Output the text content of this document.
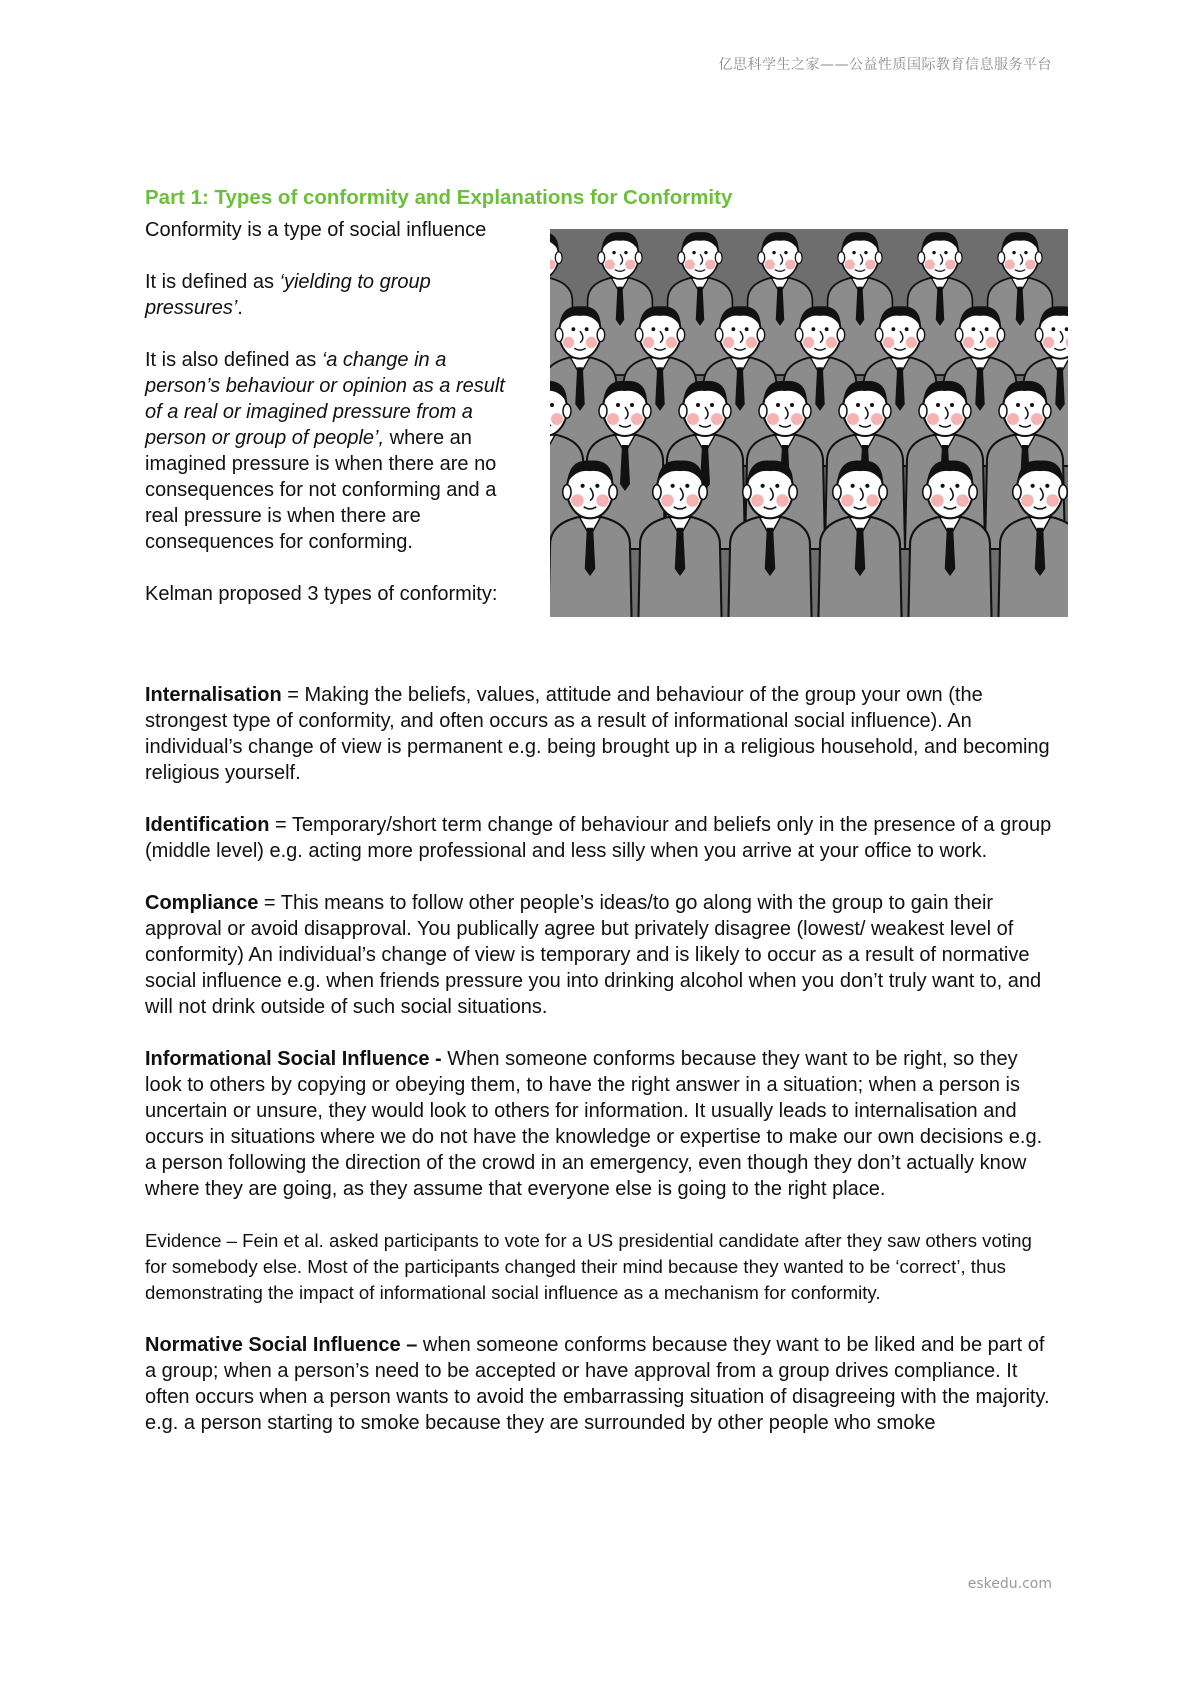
亿思科学生之家——公益性质国际教育信息服务平台
Part 1: Types of conformity and Explanations for Conformity

Conformity is a type of social influence

It is defined as ‘yielding to group pressures’.

It is also defined as ‘a change in a person’s behaviour or opinion as a result of a real or imagined pressure from a person or group of people’, where an imagined pressure is when there are no consequences for not conforming and a real pressure is when there are consequences for conforming.

Kelman proposed 3 types of conformity:

Internalisation = Making the beliefs, values, attitude and behaviour of the group your own (the strongest type of conformity, and often occurs as a result of informational social influence). An individual’s change of view is permanent e.g. being brought up in a religious household, and becoming religious yourself.

Identification = Temporary/short term change of behaviour and beliefs only in the presence of a group (middle level) e.g. acting more professional and less silly when you arrive at your office to work.

Compliance = This means to follow other people’s ideas/to go along with the group to gain their approval or avoid disapproval. You publically agree but privately disagree (lowest/ weakest level of conformity) An individual’s change of view is temporary and is likely to occur as a result of normative social influence e.g. when friends pressure you into drinking alcohol when you don’t truly want to, and will not drink outside of such social situations.

Informational Social Influence - When someone conforms because they want to be right, so they look to others by copying or obeying them, to have the right answer in a situation; when a person is uncertain or unsure, they would look to others for information. It usually leads to internalisation and occurs in situations where we do not have the knowledge or expertise to make our own decisions e.g. a person following the direction of the crowd in an emergency, even though they don’t actually know where they are going, as they assume that everyone else is going to the right place.

Evidence – Fein et al. asked participants to vote for a US presidential candidate after they saw others voting for somebody else. Most of the participants changed their mind because they wanted to be ‘correct’, thus demonstrating the impact of informational social influence as a mechanism for conformity.

Normative Social Influence – when someone conforms because they want to be liked and be part of a group; when a person’s need to be accepted or have approval from a group drives compliance. It often occurs when a person wants to avoid the embarrassing situation of disagreeing with the majority.

e.g. a person starting to smoke because they are surrounded by other people who smoke

eskedu.com
